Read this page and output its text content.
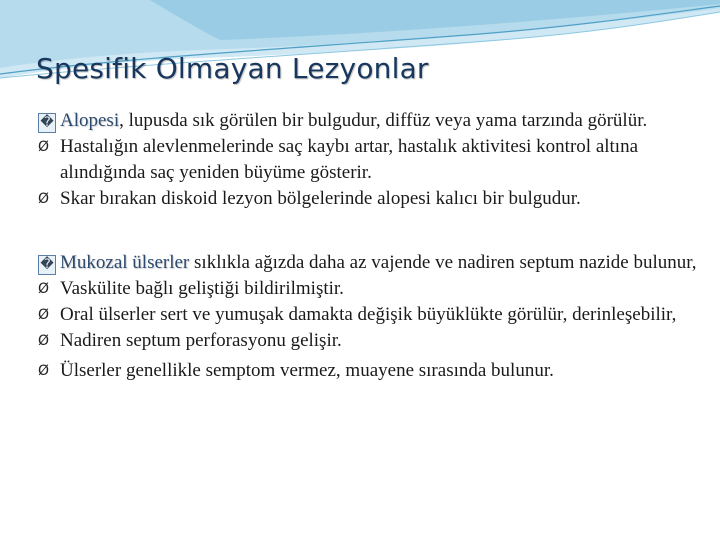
Spesifik Olmayan Lezyonlar

� Alopesi, lupusda sık görülen bir bulgudur, diffüz veya yama tarzında görülür.

Ø Hastalığın alevlenmelerinde saç kaybı artar, hastalık aktivitesi kontrol altına alındığında saç yeniden büyüme gösterir.

Ø Skar bırakan diskoid lezyon bölgelerinde alopesi kalıcı bir bulgudur.

� Mukozal ülserler sıklıkla ağızda daha az vajende ve nadiren septum nazide bulunur,

Ø Vaskülite bağlı geliştiği bildirilmiştir.

Ø Oral ülserler sert ve yumuşak damakta değişik büyüklükte görülür, derinleşebilir,

Ø Nadiren septum perforasyonu gelişir.

Ø Ülserler genellikle semptom vermez, muayene sırasında bulunur.
